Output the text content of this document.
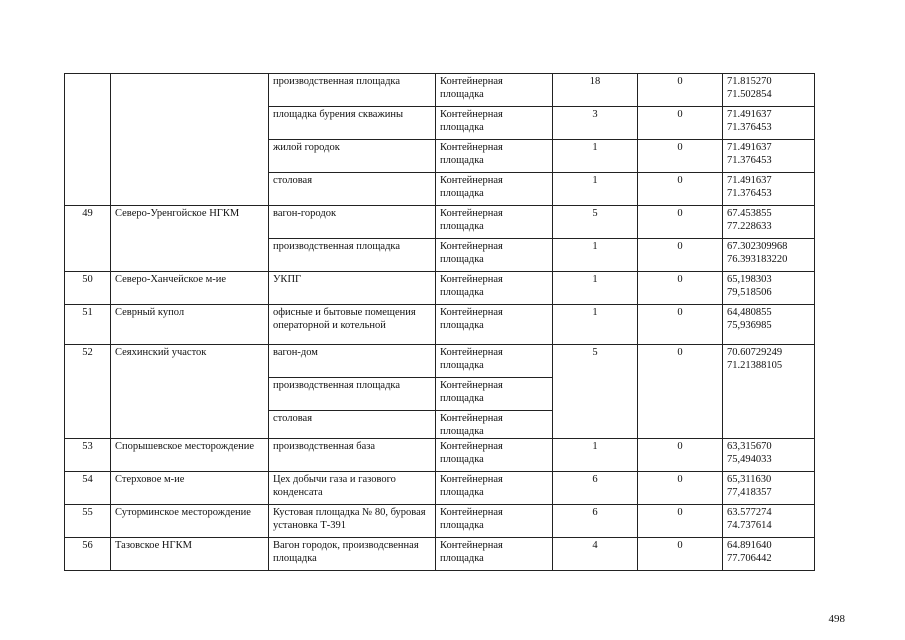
		производственная площадка	Контейнерная площадка	18	0	71.815270 71.502854
		площадка бурения скважины	Контейнерная площадка	3	0	71.491637 71.376453
		жилой городок	Контейнерная площадка	1	0	71.491637 71.376453
		столовая	Контейнерная площадка	1	0	71.491637 71.376453
49	Северо-Уренгойское НГКМ	вагон-городок	Контейнерная площадка	5	0	67.453855 77.228633
		производственная площадка	Контейнерная площадка	1	0	67.302309968 76.393183220
50	Северо-Ханчейское м-ие	УКПГ	Контейнерная площадка	1	0	65,198303 79,518506
51	Севрный купол	офисные и бытовые помещения операторной и котельной	Контейнерная площадка	1	0	64,480855 75,936985
52	Сеяхинский участок	вагон-дом	Контейнерная площадка	5	0	70.60729249 71.21388105
		производственная площадка	Контейнерная площадка			
		столовая	Контейнерная площадка			
53	Спорышевское месторождение	производственная база	Контейнерная площадка	1	0	63,315670 75,494033
54	Стерховое м-ие	Цех добычи газа и газового конденсата	Контейнерная площадка	6	0	65,311630 77,418357
55	Суторминское месторождение	Кустовая площадка № 80, буровая установка Т-391	Контейнерная площадка	6	0	63.577274 74.737614
56	Тазовское НГКМ	Вагон городок, производсвенная площадка	Контейнерная площадка	4	0	64.891640 77.706442
498
